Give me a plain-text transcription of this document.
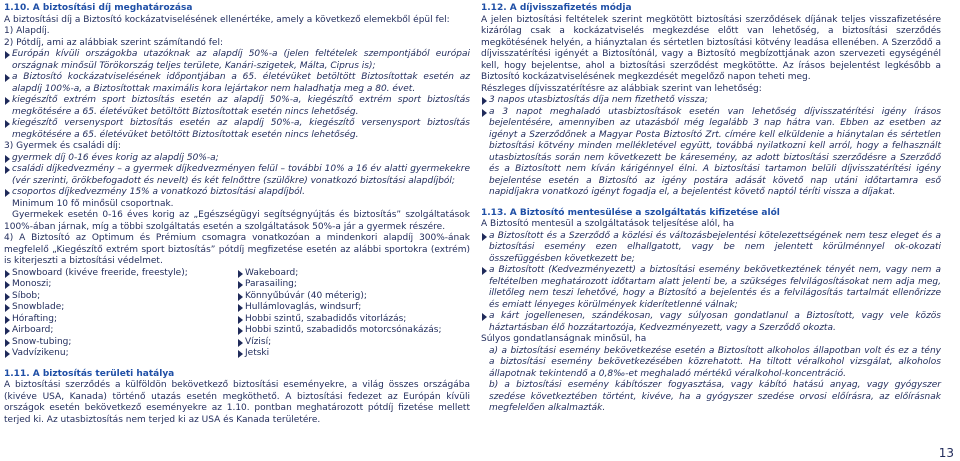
1.10. A biztosítási díj meghatározása

A biztosítási díj a Biztosító kockázatviselésének ellenértéke, amely a következő elemekből épül fel:

1) Alapdíj.

2) Pótdíj, ami az alábbiak szerint számítandó fel:

Európán kívüli országokba utazóknak az alapdíj 50%-a (jelen feltételek szempontjából európai országnak minősül Törökország teljes területe, Kanári-szigetek, Málta, Ciprus is);
a Biztosító kockázatviselésének időpontjában a 65. életévüket betöltött Biztosítottak esetén az alapdíj 100%-a, a Biztosítottak maximális kora lejártakor nem haladhatja meg a 80. évet.
kiegészítő extrém sport biztosítás esetén az alapdíj 50%-a, kiegészítő extrém sport biztosítás megkötésére a 65. életévüket betöltött Biztosítottak esetén nincs lehetőség.
kiegészítő versenysport biztosítás esetén az alapdíj 50%-a, kiegészítő versenysport biztosítás megkötésére a 65. életévüket betöltött Biztosítottak esetén nincs lehetőség.

3) Gyermek és családi díj:

gyermek díj 0-16 éves korig az alapdíj 50%-a;
családi díjkedvezmény – a gyermek díjkedvezményen felül – további 10% a 16 év alatti gyermekekre (vér szerinti, örökbefogadott és nevelt) és két felnőttre (szülőkre) vonatkozó biztosítási alapdíjból;
csoportos díjkedvezmény 15% a vonatkozó biztosítási alapdíjból.

Minimum 10 fő minősül csoportnak.

Gyermekek esetén 0-16 éves korig az „Egészségügyi segítségnyújtás és biztosítás” szolgáltatások 100%-ában járnak, míg a többi szolgáltatás esetén a szolgáltatások 50%-a jár a gyermek részére.

4) A Biztosító az Optimum és Prémium csomagra vonatkozóan a mindenkori alapdíj 300%-ának megfelelő „Kiegészítő extrém sport biztosítás” pótdíj megfizetése esetén az alábbi sportokra (extrém) is kiterjeszti a biztosítási védelmet.

Snowboard (kivéve freeride, freestyle);
Monoszi;
Síbob;
Snowblade;
Hórafting;
Airboard;
Snow-tubing;
Vadvízikenu;
Wakeboard;
Parasailing;
Könnyűbúvár (40 méterig);
Hullámlovaglás, windsurf;
Hobbi szintű, szabadidős vitorlázás;
Hobbi szintű, szabadidős motorcsónakázás;
Vízisí;
Jetski

1.11. A biztosítás területi hatálya

A biztosítási szerződés a külföldön bekövetkező biztosítási eseményekre, a világ összes országába (kivéve USA, Kanada) történő utazás esetén megköthető. A biztosítási fedezet az Európán kívüli országok esetén bekövetkező eseményekre az 1.10. pontban meghatározott pótdíj fizetése mellett terjed ki. Az utasbiztosítás nem terjed ki az USA és Kanada területére.

1.12. A díjvisszafizetés módja

A jelen biztosítási feltételek szerint megkötött biztosítási szerződések díjának teljes visszafizetésére kizárólag csak a kockázatviselés megkezdése előtt van lehetőség, a biztosítási szerződés megkötésének helyén, a hiányztalan és sértetlen biztosítási kötvény leadása ellenében. A Szerződő a díjvisszatérítési igényét a Biztosítónál, vagy a Biztosító megbízottjának azon szervezeti egységénél kell, hogy bejelentse, ahol a biztosítási szerződést megkötötte. Az írásos bejelentést legkésőbb a Biztosító kockázatviselésének megkezdését megelőző napon teheti meg.

Részleges díjvisszatérítésre az alábbiak szerint van lehetőség:

3 napos utasbiztosítás díja nem fizethető vissza;
a 3 napot meghaladó utasbiztosítások esetén van lehetőség díjvisszatérítési igény írásos bejelentésére, amennyiben az utazásból még legalább 3 nap hátra van. Ebben az esetben az igényt a Szerződőnek a Magyar Posta Biztosító Zrt. címére kell elküldenie a hiánytalan és sértetlen biztosítási kötvény minden mellékletével együtt, továbbá nyilatkozni kell arról, hogy a felhasznált utasbiztosítás során nem következett be káresemény, az adott biztosítási szerződésre a Szerződő és a Biztosított nem kíván kárigénnyel élni. A biztosítási tartamon belüli díjvisszatérítési igény bejelentése esetén a Biztosító az igény postára adását követő nap utáni időtartamra eső napidíjakra vonatkozó igényt fogadja el, a bejelentést követő naptól téríti vissza a díjakat.

1.13. A Biztosító mentesülése a szolgáltatás kifizetése alól

A Biztosító mentesül a szolgáltatások teljesítése alól, ha

a Biztosított és a Szerződő a közlési és változásbejelentési kötelezettségének nem tesz eleget és a biztosítási esemény ezen elhallgatott, vagy be nem jelentett körülménnyel ok-okozati összefüggésben következett be;
a Biztosított (Kedvezményezett) a biztosítási esemény bekövetkeztének tényét nem, vagy nem a feltételben meghatározott időtartam alatt jelenti be, a szükséges felvilágosításokat nem adja meg, illetőleg nem teszi lehetővé, hogy a Biztosító a bejelentés és a felvilágosítás tartalmát ellenőrizze és emiatt lényeges körülmények kiderítetlenné válnak;
a kárt jogellenesen, szándékosan, vagy súlyosan gondatlanul a Biztosított, vagy vele közös háztartásban élő hozzátartozója, Kedvezményezett, vagy a Szerződő okozta.

Súlyos gondatlanságnak minősül, ha

a) a biztosítási esemény bekövetkezése esetén a Biztosított alkoholos állapotban volt és ez a tény a biztosítási esemény bekövetkezésében közrehatott. Ha tiltott véralkohol vizsgálat, alkoholos állapotnak tekintendő a 0,8‰-et meghaladó mértékű véralkohol-koncentráció.

b) a biztosítási esemény kábítószer fogyasztása, vagy kábító hatású anyag, vagy gyógyszer szedése következtében történt, kivéve, ha a gyógyszer szedése orvosi előírásra, az előírásnak megfelelően alkalmazták.

13
